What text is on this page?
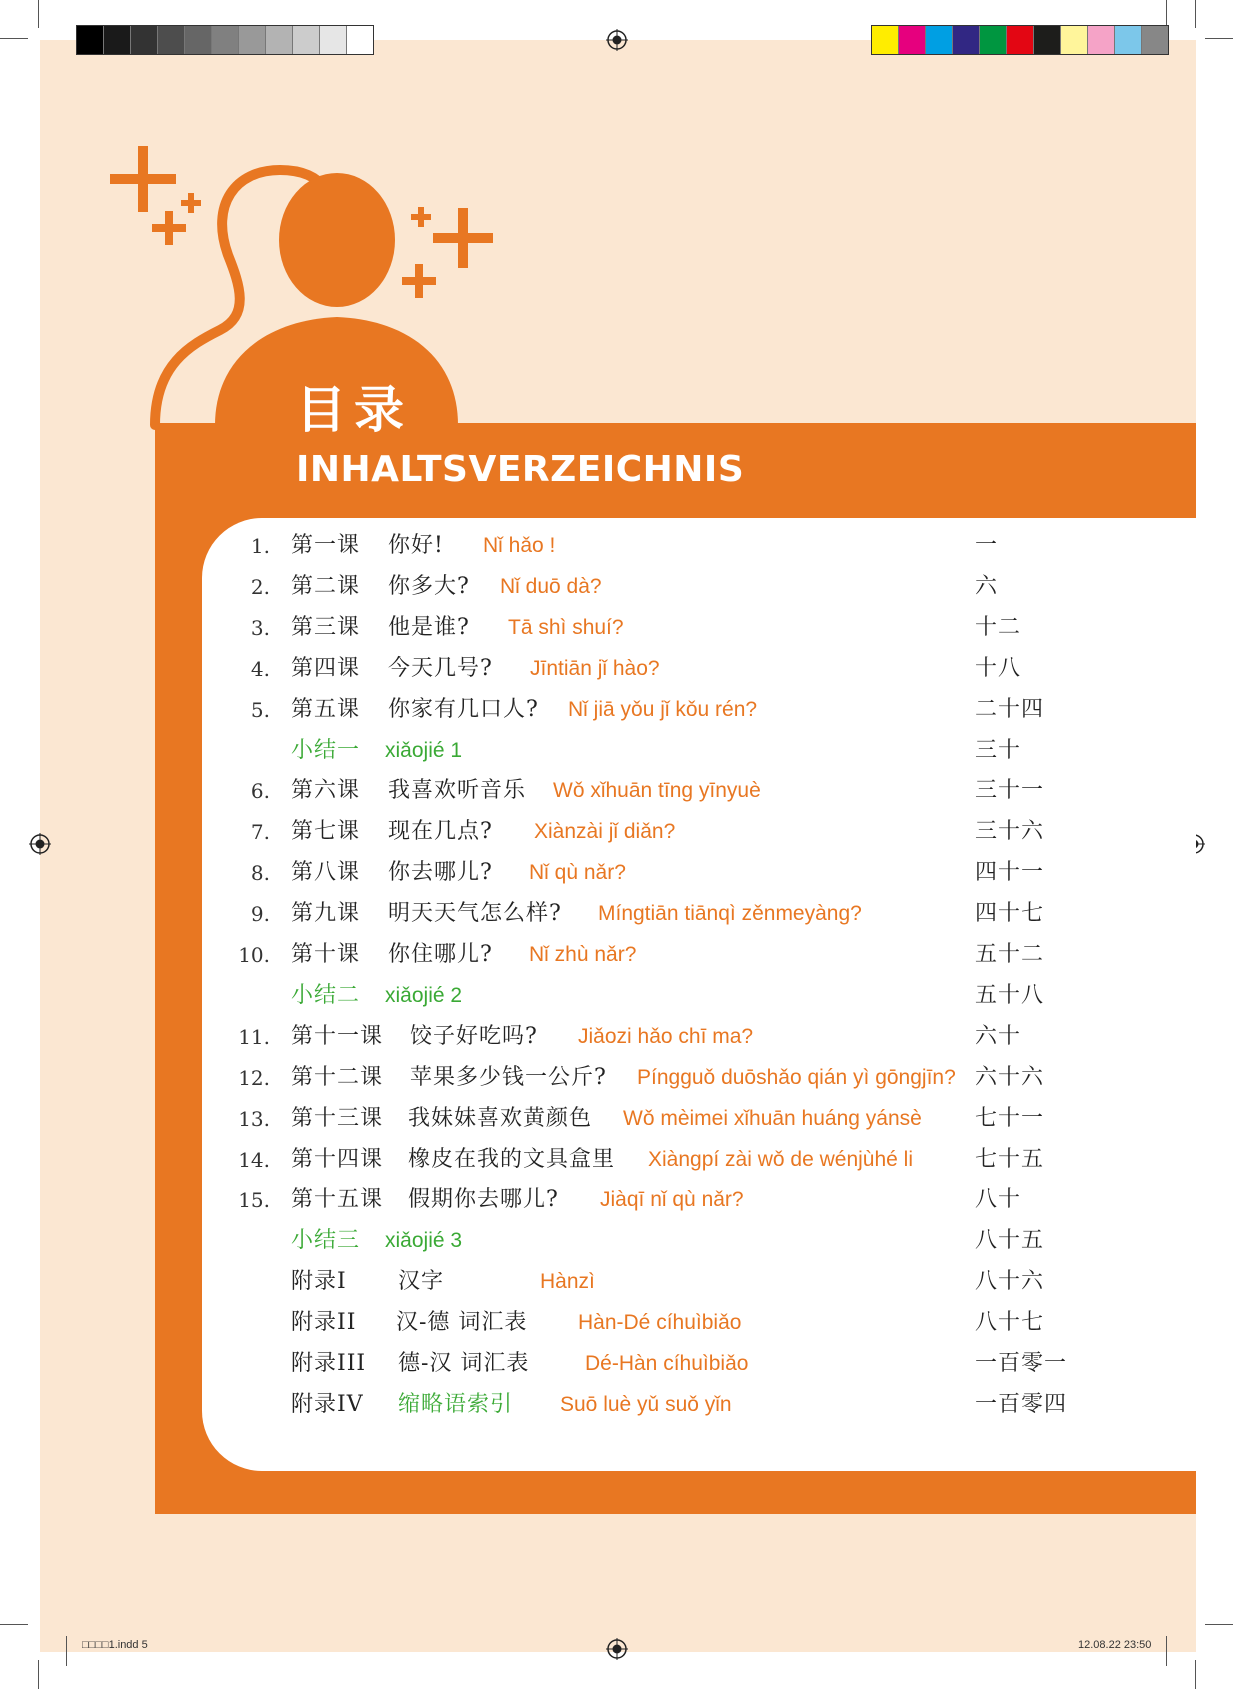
目录
INHALTSVERZEICHNIS
1. 第一课 你好! Nǐ hǎo !	一
2. 第二课 你多大? Nǐ duō dà?	六
3. 第三课 他是谁? Tā shì shuí?	十二
4. 第四课 今天几号? Jīntiān jǐ hào?	十八
5. 第五课 你家有几口人? Nǐ jiā yǒu jǐ kǒu rén?	二十四
小结一 xiǎojié 1	三十
6. 第六课 我喜欢听音乐 Wǒ xǐhuān tīng yīnyuè	三十一
7. 第七课 现在几点? Xiànzài jǐ diǎn?	三十六
8. 第八课 你去哪儿? Nǐ qù nǎr?	四十一
9. 第九课 明天天气怎么样? Míngtiān tiānqì zěnmeyàng?	四十七
10. 第十课 你住哪儿? Nǐ zhù nǎr?	五十二
小结二 xiǎojié 2	五十八
11. 第十一课 饺子好吃吗? Jiǎozi hǎo chī ma?	六十
12. 第十二课 苹果多少钱一公斤? Píngguǒ duōshǎo qián yì gōngjīn? 六十六
13. 第十三课 我妹妹喜欢黄颜色 Wǒ mèimei xǐhuān huáng yánsè 七十一
14. 第十四课 橡皮在我的文具盒里 Xiàngpí zài wǒ de wénjùhé li	七十五
15. 第十五课 假期你去哪儿? Jiàqī nǐ qù nǎr?	八十
小结三 xiǎojié 3	八十五
附录I 汉字	Hànzì	八十六
附录II 汉-德 词汇表 Hàn-Dé cíhuìbiǎo	八十七
附录III 德-汉 词汇表	Dé-Hàn cíhuìbiǎo	一百零一
附录IV 缩略语索引 Suō luè yǔ suǒ yǐn	一百零四
□□□□1.indd 5	12.08.22 23:50
